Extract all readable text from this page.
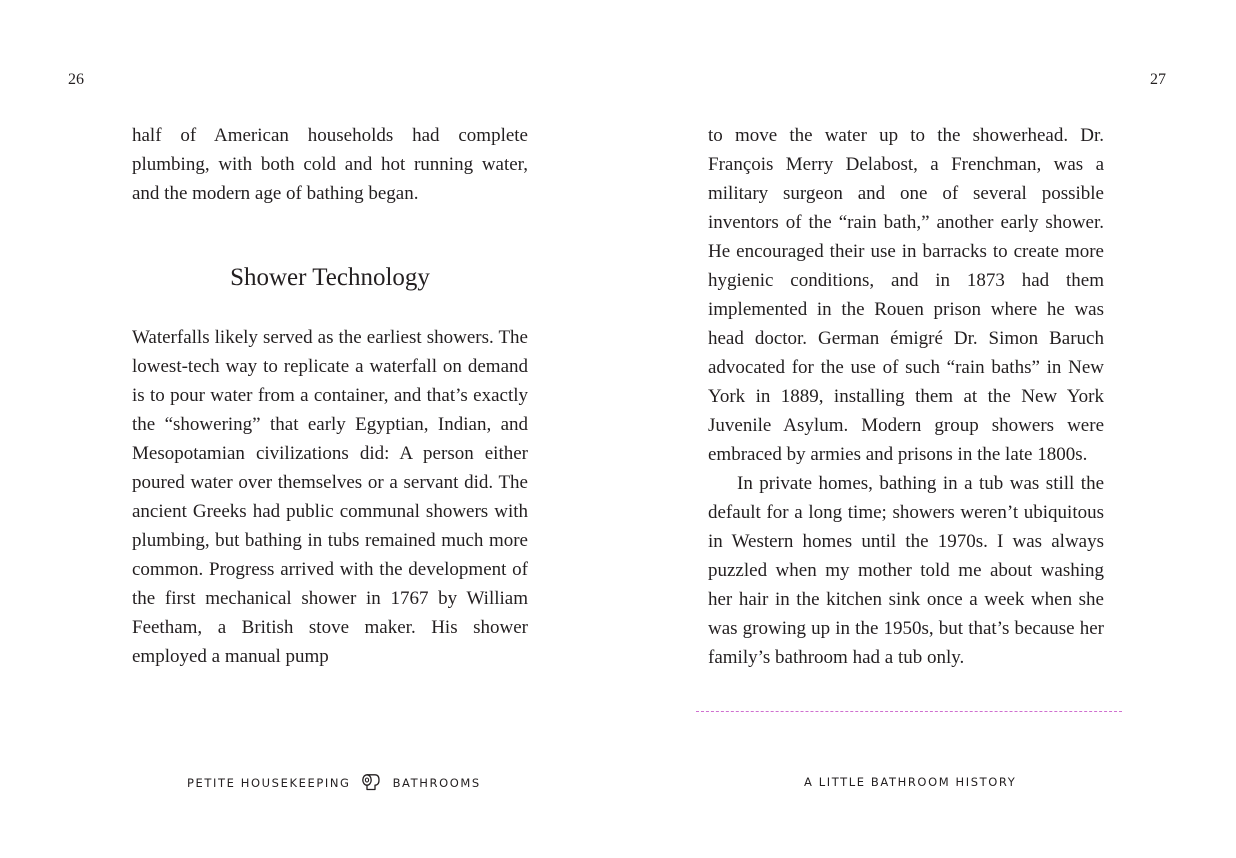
26

half of American households had complete plumbing, with both cold and hot running water, and the modern age of bathing began.

Shower Technology

Waterfalls likely served as the earliest showers. The lowest-tech way to replicate a waterfall on demand is to pour water from a container, and that’s exactly the “showering” that early Egyptian, Indian, and Mesopotamian civilizations did: A person either poured water over themselves or a servant did. The ancient Greeks had public communal showers with plumbing, but bathing in tubs remained much more common. Progress arrived with the development of the first mechanical shower in 1767 by William Feetham, a British stove maker. His shower employed a manual pump

PETITE HOUSEKEEPING	BATHROOMS
27

to move the water up to the showerhead. Dr. François Merry Delabost, a Frenchman, was a military surgeon and one of several possible inventors of the “rain bath,” another early shower. He encouraged their use in barracks to create more hygienic conditions, and in 1873 had them implemented in the Rouen prison where he was head doctor. German émigré Dr. Simon Baruch advocated for the use of such “rain baths” in New York in 1889, installing them at the New York Juvenile Asylum. Modern group showers were embraced by armies and prisons in the late 1800s.

In private homes, bathing in a tub was still the default for a long time; showers weren’t ubiquitous in Western homes until the 1970s. I was always puzzled when my mother told me about washing her hair in the kitchen sink once a week when she was growing up in the 1950s, but that’s because her family’s bathroom had a tub only.

A LITTLE BATHROOM HISTORY
